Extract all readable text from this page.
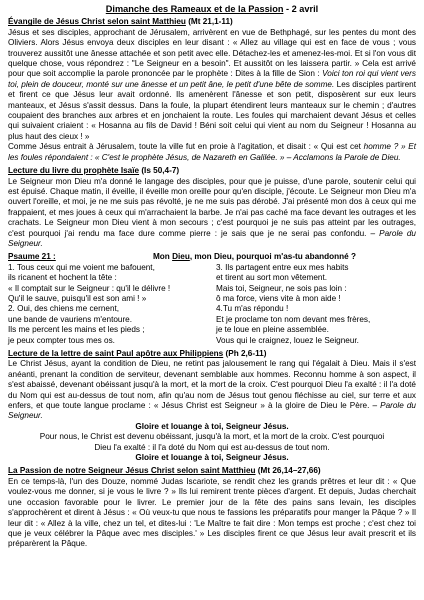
Dimanche des Rameaux et de la Passion - 2 avril
Évangile de Jésus Christ selon saint Matthieu (Mt 21,1-11)

Jésus et ses disciples, approchant de Jérusalem, arrivèrent en vue de Bethphagé, sur les pentes du mont des Oliviers. Alors Jésus envoya deux disciples en leur disant : « Allez au village qui est en face de vous ; vous trouverez aussitôt une ânesse attachée et son petit avec elle. Détachez-les et amenez-les-moi. Et si l'on vous dit quelque chose, vous répondrez : "Le Seigneur en a besoin". Et aussitôt on les laissera partir. » Cela est arrivé pour que soit accomplie la parole prononcée par le prophète : Dites à la fille de Sion : Voici ton roi qui vient vers toi, plein de douceur, monté sur une ânesse et un petit âne, le petit d'une bête de somme. Les disciples partirent et firent ce que Jésus leur avait ordonné. Ils amenèrent l'ânesse et son petit, disposèrent sur eux leurs manteaux, et Jésus s'assit dessus. Dans la foule, la plupart étendirent leurs manteaux sur le chemin ; d'autres coupaient des branches aux arbres et en jonchaient la route. Les foules qui marchaient devant Jésus et celles qui suivaient criaient : « Hosanna au fils de David ! Béni soit celui qui vient au nom du Seigneur ! Hosanna au plus haut des cieux ! »

Comme Jésus entrait à Jérusalem, toute la ville fut en proie à l'agitation, et disait : « Qui est cet homme ? » Et les foules répondaient : « C'est le prophète Jésus, de Nazareth en Galilée. » – Acclamons la Parole de Dieu.

Lecture du livre du prophète Isaïe (Is 50,4-7)

Le Seigneur mon Dieu m'a donné le langage des disciples, pour que je puisse, d'une parole, soutenir celui qui est épuisé. Chaque matin, il éveille, il éveille mon oreille pour qu'en disciple, j'écoute. Le Seigneur mon Dieu m'a ouvert l'oreille, et moi, je ne me suis pas révolté, je ne me suis pas dérobé. J'ai présenté mon dos à ceux qui me frappaient, et mes joues à ceux qui m'arrachaient la barbe. Je n'ai pas caché ma face devant les outrages et les crachats. Le Seigneur mon Dieu vient à mon secours ; c'est pourquoi je ne suis pas atteint par les outrages, c'est pourquoi j'ai rendu ma face dure comme pierre : je sais que je ne serai pas confondu. – Parole du Seigneur.

Psaume 21 :	Mon Dieu, mon Dieu, pourquoi m'as-tu abandonné ?
1. Tous ceux qui me voient me bafouent,
ils ricanent et hochent la tête :
« Il comptait sur le Seigneur : qu'il le délivre !
Qu'il le sauve, puisqu'il est son ami ! »
2. Oui, des chiens me cernent,
une bande de vauriens m'entoure.
Ils me percent les mains et les pieds ;
je peux compter tous mes os.
3. Ils partagent entre eux mes habits
et tirent au sort mon vêtement.
Mais toi, Seigneur, ne sois pas loin :
ô ma force, viens vite à mon aide !
4.Tu m'as répondu !
Et je proclame ton nom devant mes frères,
je te loue en pleine assemblée.
Vous qui le craignez, louez le Seigneur.
Lecture de la lettre de saint Paul apôtre aux Philippiens (Ph 2,6-11)

Le Christ Jésus, ayant la condition de Dieu, ne retint pas jalousement le rang qui l'égalait à Dieu. Mais il s'est anéanti, prenant la condition de serviteur, devenant semblable aux hommes. Reconnu homme à son aspect, il s'est abaissé, devenant obéissant jusqu'à la mort, et la mort de la croix. C'est pourquoi Dieu l'a exalté : il l'a doté du Nom qui est au-dessus de tout nom, afin qu'au nom de Jésus tout genou fléchisse au ciel, sur terre et aux enfers, et que toute langue proclame : « Jésus Christ est Seigneur » à la gloire de Dieu le Père. – Parole du Seigneur.

Gloire et louange à toi, Seigneur Jésus.
Pour nous, le Christ est devenu obéissant, jusqu'à la mort, et la mort de la croix. C'est pourquoi
Dieu l'a exalté : il l'a doté du Nom qui est au-dessus de tout nom.
Gloire et louange à toi, Seigneur Jésus.
La Passion de notre Seigneur Jésus Christ selon saint Matthieu (Mt 26,14–27,66)

En ce temps-là, l'un des Douze, nommé Judas Iscariote, se rendit chez les grands prêtres et leur dit : « Que voulez-vous me donner, si je vous le livre ? » Ils lui remirent trente pièces d'argent. Et depuis, Judas cherchait une occasion favorable pour le livrer. Le premier jour de la fête des pains sans levain, les disciples s'approchèrent et dirent à Jésus : « Où veux-tu que nous te fassions les préparatifs pour manger la Pâque ? » Il leur dit : « Allez à la ville, chez un tel, et dites-lui : 'Le Maître te fait dire : Mon temps est proche ; c'est chez toi que je veux célébrer la Pâque avec mes disciples.' » Les disciples firent ce que Jésus leur avait prescrit et ils préparèrent la Pâque.
